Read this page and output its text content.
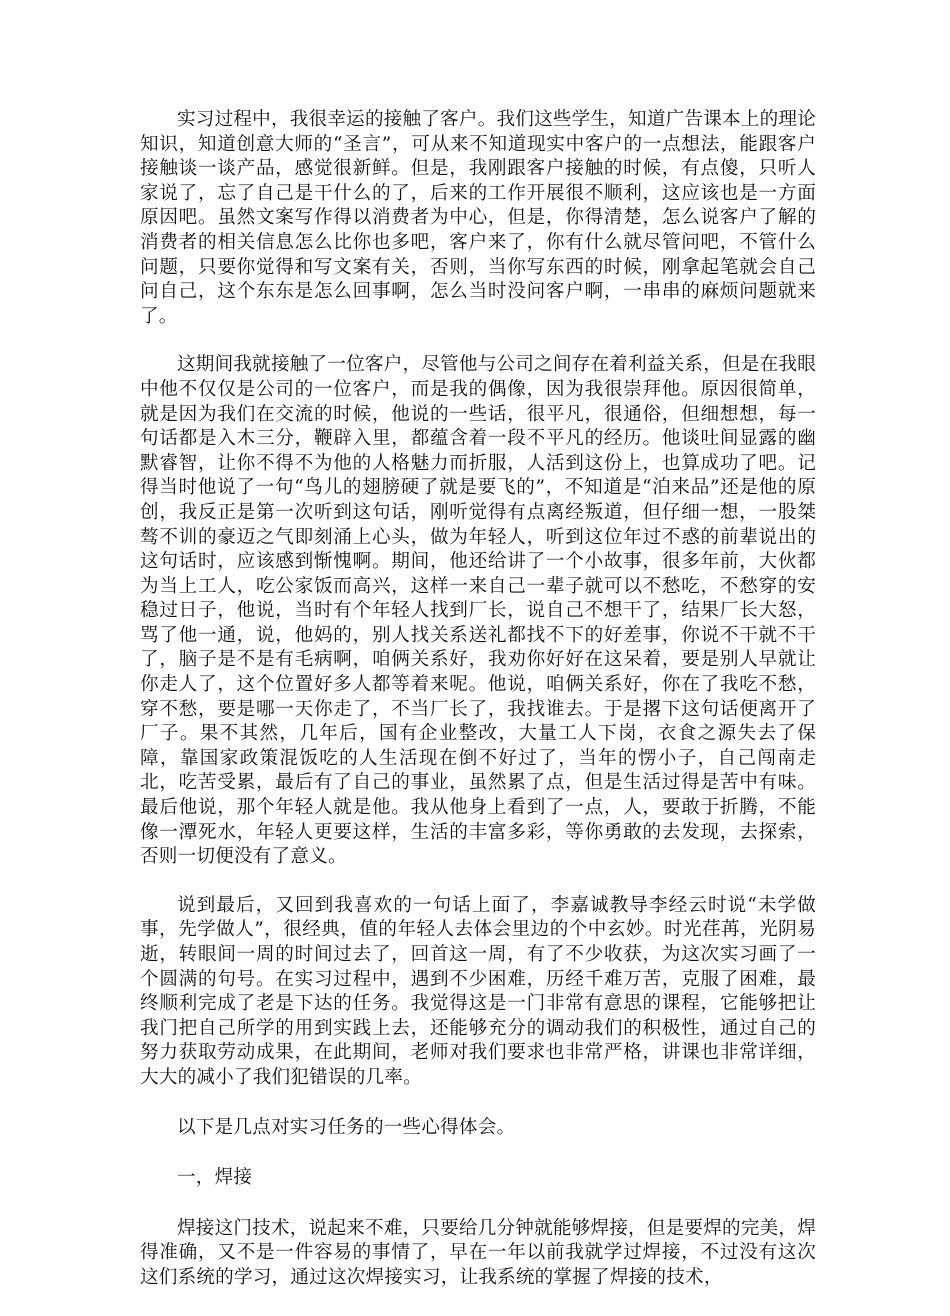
实习过程中，我很幸运的接触了客户。我们这些学生，知道广告课本上的理论知识，知道创意大师的“圣言”，可从来不知道现实中客户的一点想法，能跟客户接触谈一谈产品，感觉很新鲜。但是，我刚跟客户接触的时候，有点傻，只听人家说了，忘了自己是干什么的了，后来的工作开展很不顺利，这应该也是一方面原因吧。虽然文案写作得以消费者为中心，但是，你得清楚，怎么说客户了解的消费者的相关信息怎么比你也多吧，客户来了，你有什么就尽管问吧，不管什么问题，只要你觉得和写文案有关，否则，当你写东西的时候，刚拿起笔就会自己问自己，这个东东是怎么回事啊，怎么当时没问客户啊，一串串的麻烦问题就来了。

这期间我就接触了一位客户，尽管他与公司之间存在着利益关系，但是在我眼中他不仅仅是公司的一位客户，而是我的偶像，因为我很崇拜他。原因很简单，就是因为我们在交流的时候，他说的一些话，很平凡，很通俗，但细想想，每一句话都是入木三分，鞭辟入里，都蕴含着一段不平凡的经历。他谈吐间显露的幽默睿智，让你不得不为他的人格魅力而折服，人活到这份上，也算成功了吧。记得当时他说了一句“鸟儿的翅膀硬了就是要飞的”，不知道是“泊来品”还是他的原创，我反正是第一次听到这句话，刚听觉得有点离经叛道，但仔细一想，一股桀骜不训的豪迈之气即刻涌上心头，做为年轻人，听到这位年过不惑的前辈说出的这句话时，应该感到惭愧啊。期间，他还给讲了一个小故事，很多年前，大伙都为当上工人，吃公家饭而高兴，这样一来自己一辈子就可以不愁吃，不愁穿的安稳过日子，他说，当时有个年轻人找到厂长，说自己不想干了，结果厂长大怒，骂了他一通，说，他妈的，别人找关系送礼都找不下的好差事，你说不干就不干了，脑子是不是有毛病啊，咱俩关系好，我劝你好好在这呆着，要是别人早就让你走人了，这个位置好多人都等着来呢。他说，咱俩关系好，你在了我吃不愁，穿不愁，要是哪一天你走了，不当厂长了，我找谁去。于是撂下这句话便离开了厂子。果不其然，几年后，国有企业整改，大量工人下岗，衣食之源失去了保障，靠国家政策混饭吃的人生活现在倒不好过了，当年的愣小子，自己闯南走北，吃苦受累，最后有了自己的事业，虽然累了点，但是生活过得是苦中有味。最后他说，那个年轻人就是他。我从他身上看到了一点，人，要敢于折腾，不能像一潭死水，年轻人更要这样，生活的丰富多彩，等你勇敢的去发现，去探索，否则一切便没有了意义。

说到最后，又回到我喜欢的一句话上面了，李嘉诚教导李经云时说“未学做事，先学做人”，很经典，值的年轻人去体会里边的个中玄妙。时光荏苒，光阴易逝，转眼间一周的时间过去了，回首这一周，有了不少收获，为这次实习画了一个圆满的句号。在实习过程中，遇到不少困难，历经千难万苦，克服了困难，最终顺利完成了老是下达的任务。我觉得这是一门非常有意思的课程，它能够把让我门把自己所学的用到实践上去，还能够充分的调动我们的积极性，通过自己的努力获取劳动成果，在此期间，老师对我们要求也非常严格，讲课也非常详细，大大的减小了我们犯错误的几率。

以下是几点对实习任务的一些心得体会。

一，焊接

焊接这门技术，说起来不难，只要给几分钟就能够焊接，但是要焊的完美，焊得准确，又不是一件容易的事情了，早在一年以前我就学过焊接，不过没有这次这们系统的学习，通过这次焊接实习，让我系统的掌握了焊接的技术，
